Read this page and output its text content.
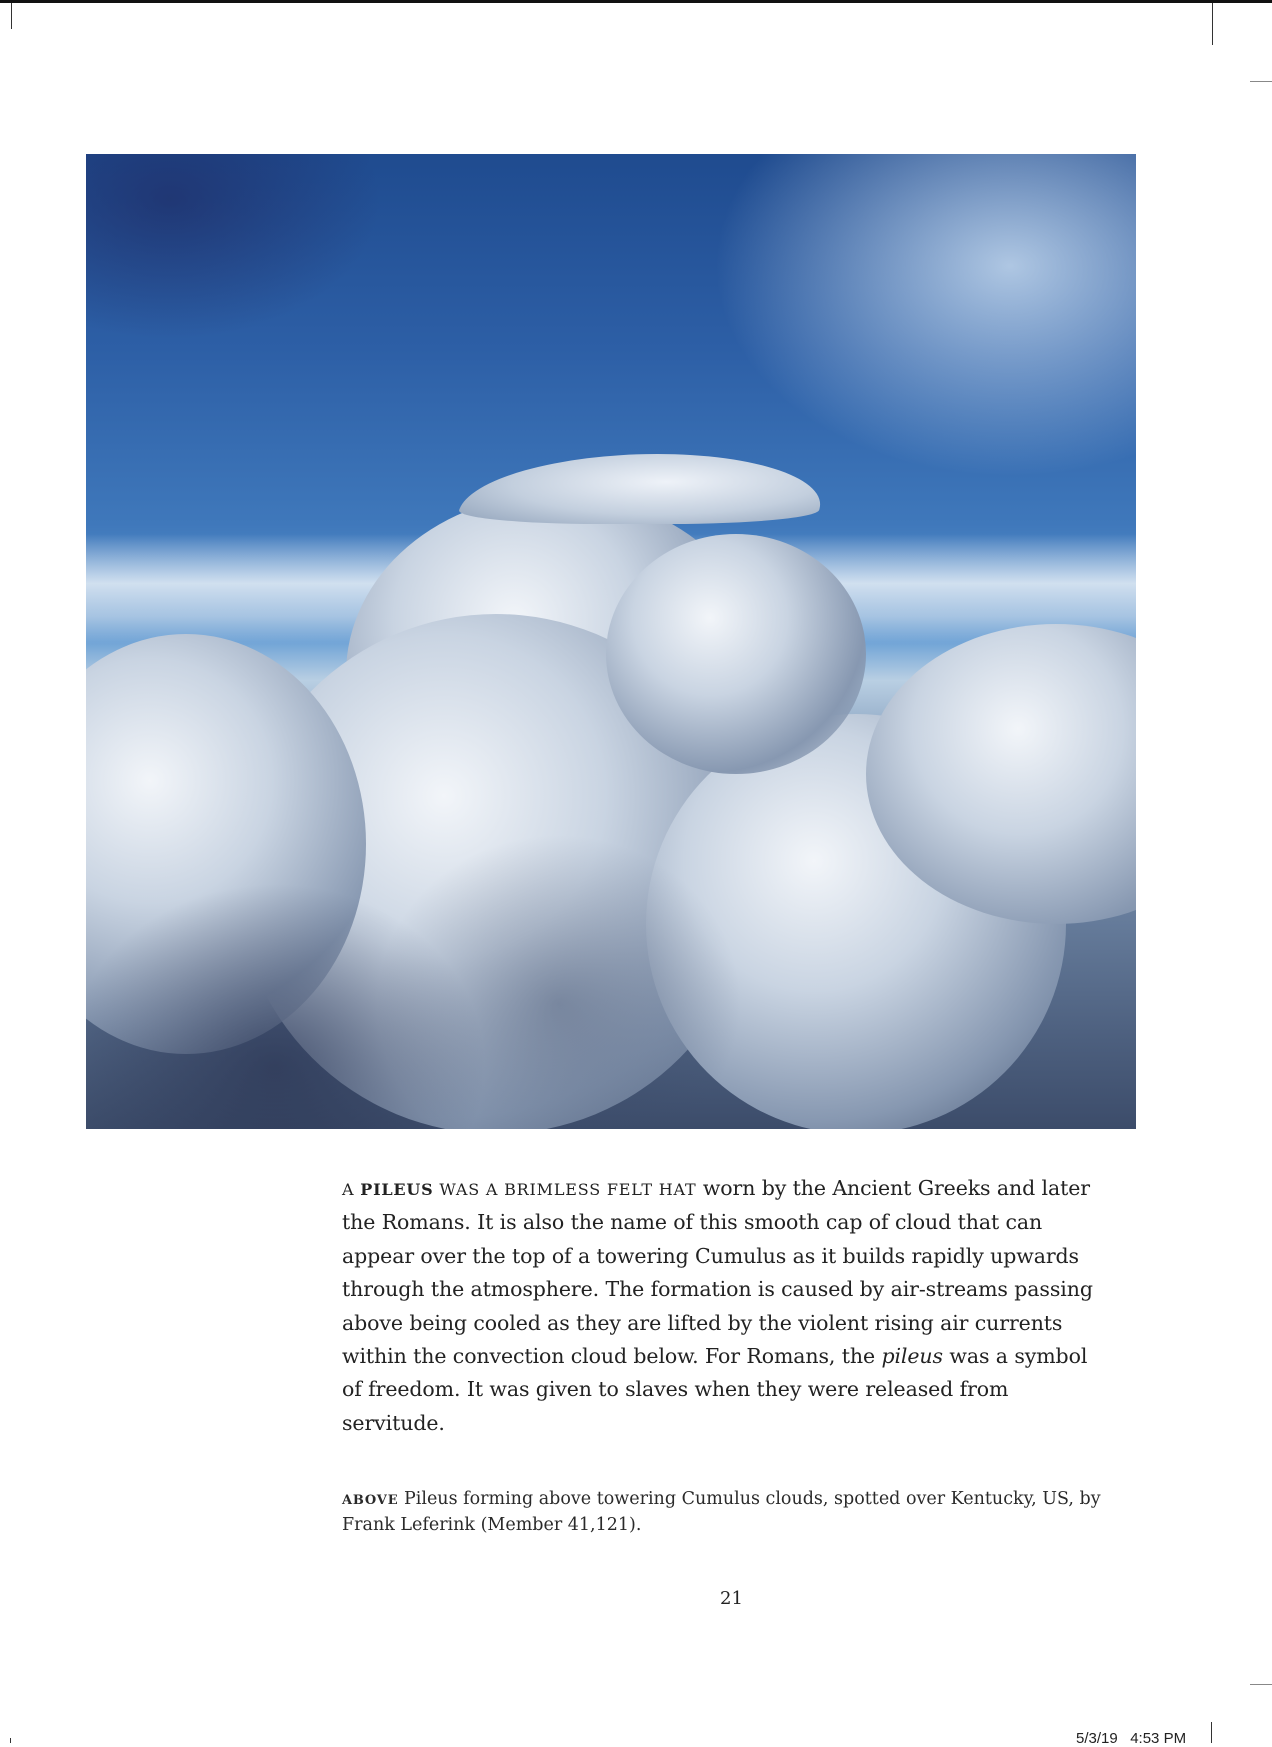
A PILEUS WAS A BRIMLESS FELT HAT worn by the Ancient Greeks and later the Romans. It is also the name of this smooth cap of cloud that can appear over the top of a towering Cumulus as it builds rapidly upwards through the atmosphere. The formation is caused by air-streams passing above being cooled as they are lifted by the violent rising air currents within the convection cloud below. For Romans, the pileus was a symbol of freedom. It was given to slaves when they were released from servitude.
ABOVE Pileus forming above towering Cumulus clouds, spotted over Kentucky, US, by Frank Leferink (Member 41,121).
21
5/3/19   4:53 PM
